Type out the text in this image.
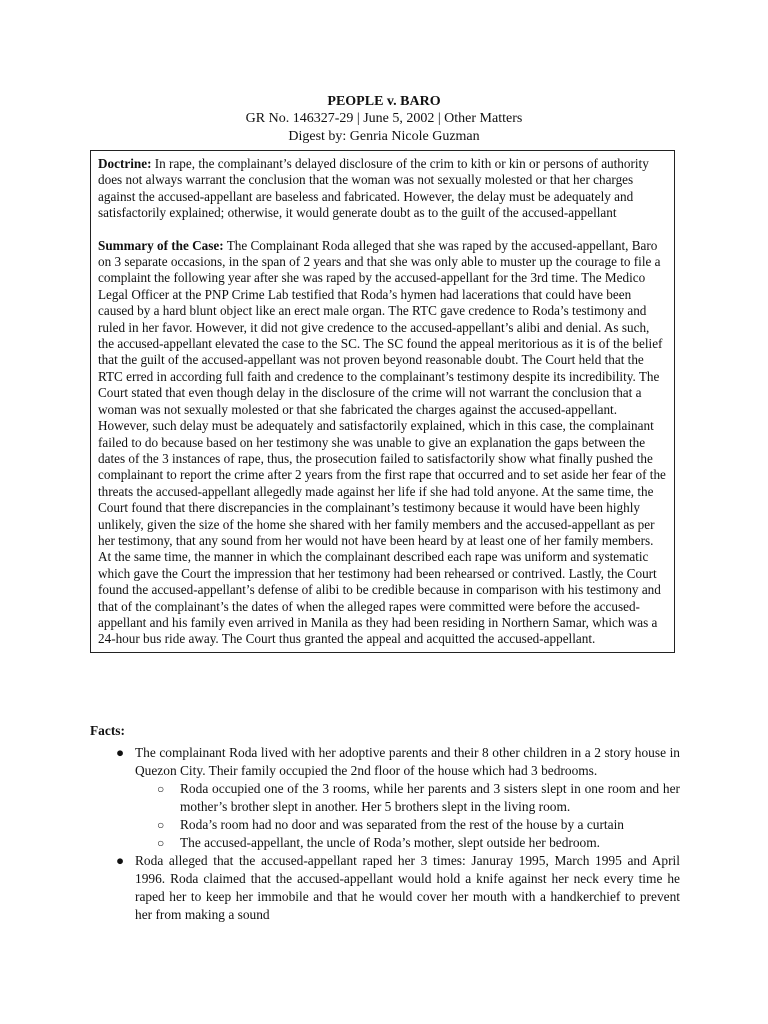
PEOPLE v. BARO

GR No. 146327-29 | June 5, 2002 | Other Matters

Digest by: Genria Nicole Guzman

Doctrine: In rape, the complainant’s delayed disclosure of the crim to kith or kin or persons of authority does not always warrant the conclusion that the woman was not sexually molested or that her charges against the accused-appellant are baseless and fabricated. However, the delay must be adequately and satisfactorily explained; otherwise, it would generate doubt as to the guilt of the accused-appellant

Summary of the Case: The Complainant Roda alleged that she was raped by the accused-appellant, Baro on 3 separate occasions, in the span of 2 years and that she was only able to muster up the courage to file a complaint the following year after she was raped by the accused-appellant for the 3rd time. The Medico Legal Officer at the PNP Crime Lab testified that Roda’s hymen had lacerations that could have been caused by a hard blunt object like an erect male organ. The RTC gave credence to Roda’s testimony and ruled in her favor. However, it did not give credence to the accused-appellant’s alibi and denial. As such, the accused-appellant elevated the case to the SC. The SC found the appeal meritorious as it is of the belief that the guilt of the accused-appellant was not proven beyond reasonable doubt. The Court held that the RTC erred in according full faith and credence to the complainant’s testimony despite its incredibility. The Court stated that even though delay in the disclosure of the crime will not warrant the conclusion that a woman was not sexually molested or that she fabricated the charges against the accused-appellant. However, such delay must be adequately and satisfactorily explained, which in this case, the complainant failed to do because based on her testimony she was unable to give an explanation the gaps between the dates of the 3 instances of rape, thus, the prosecution failed to satisfactorily show what finally pushed the complainant to report the crime after 2 years from the first rape that occurred and to set aside her fear of the threats the accused-appellant allegedly made against her life if she had told anyone. At the same time, the Court found that there discrepancies in the complainant’s testimony because it would have been highly unlikely, given the size of the home she shared with her family members and the accused-appellant as per her testimony, that any sound from her would not have been heard by at least one of her family members. At the same time, the manner in which the complainant described each rape was uniform and systematic which gave the Court the impression that her testimony had been rehearsed or contrived. Lastly, the Court found the accused-appellant’s defense of alibi to be credible because in comparison with his testimony and that of the complainant’s the dates of when the alleged rapes were committed were before the accused-appellant and his family even arrived in Manila as they had been residing in Northern Samar, which was a 24-hour bus ride away. The Court thus granted the appeal and acquitted the accused-appellant.

Facts:

● The complainant Roda lived with her adoptive parents and their 8 other children in a 2 story house in Quezon City. Their family occupied the 2nd floor of the house which had 3 bedrooms.
○ Roda occupied one of the 3 rooms, while her parents and 3 sisters slept in one room and her mother’s brother slept in another. Her 5 brothers slept in the living room.
○ Roda’s room had no door and was separated from the rest of the house by a curtain
○ The accused-appellant, the uncle of Roda’s mother, slept outside her bedroom.
● Roda alleged that the accused-appellant raped her 3 times: Januray 1995, March 1995 and April 1996. Roda claimed that the accused-appellant would hold a knife against her neck every time he raped her to keep her immobile and that he would cover her mouth with a handkerchief to prevent her from making a sound
